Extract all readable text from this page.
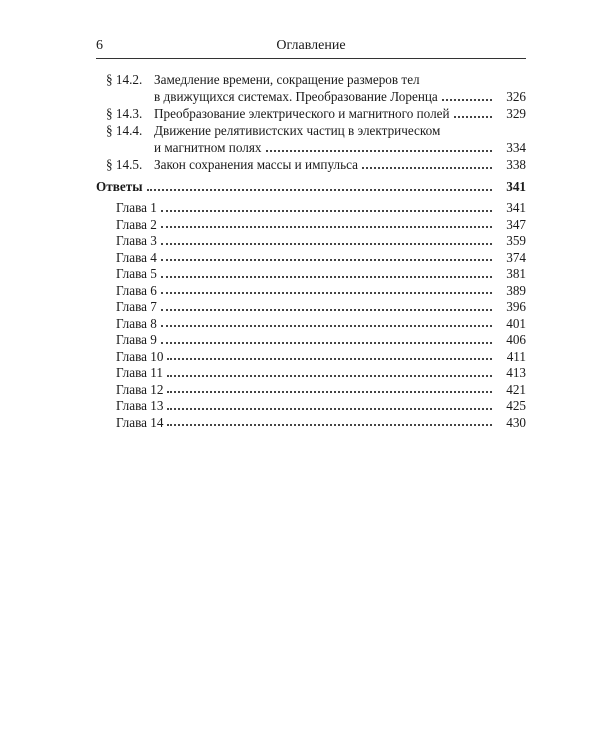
6	Оглавление
§ 14.2. Замедление времени, сокращение размеров тел
в движущихся системах. Преобразование Лоренца	326
§ 14.3. Преобразование электрического и магнитного полей	329
§ 14.4. Движение релятивистских частиц в электрическом
и магнитном полях	334
§ 14.5. Закон сохранения массы и импульса	338
Ответы	341
Глава 1	341
Глава 2	347
Глава 3	359
Глава 4	374
Глава 5	381
Глава 6	389
Глава 7	396
Глава 8	401
Глава 9	406
Глава 10	411
Глава 11	413
Глава 12	421
Глава 13	425
Глава 14	430
